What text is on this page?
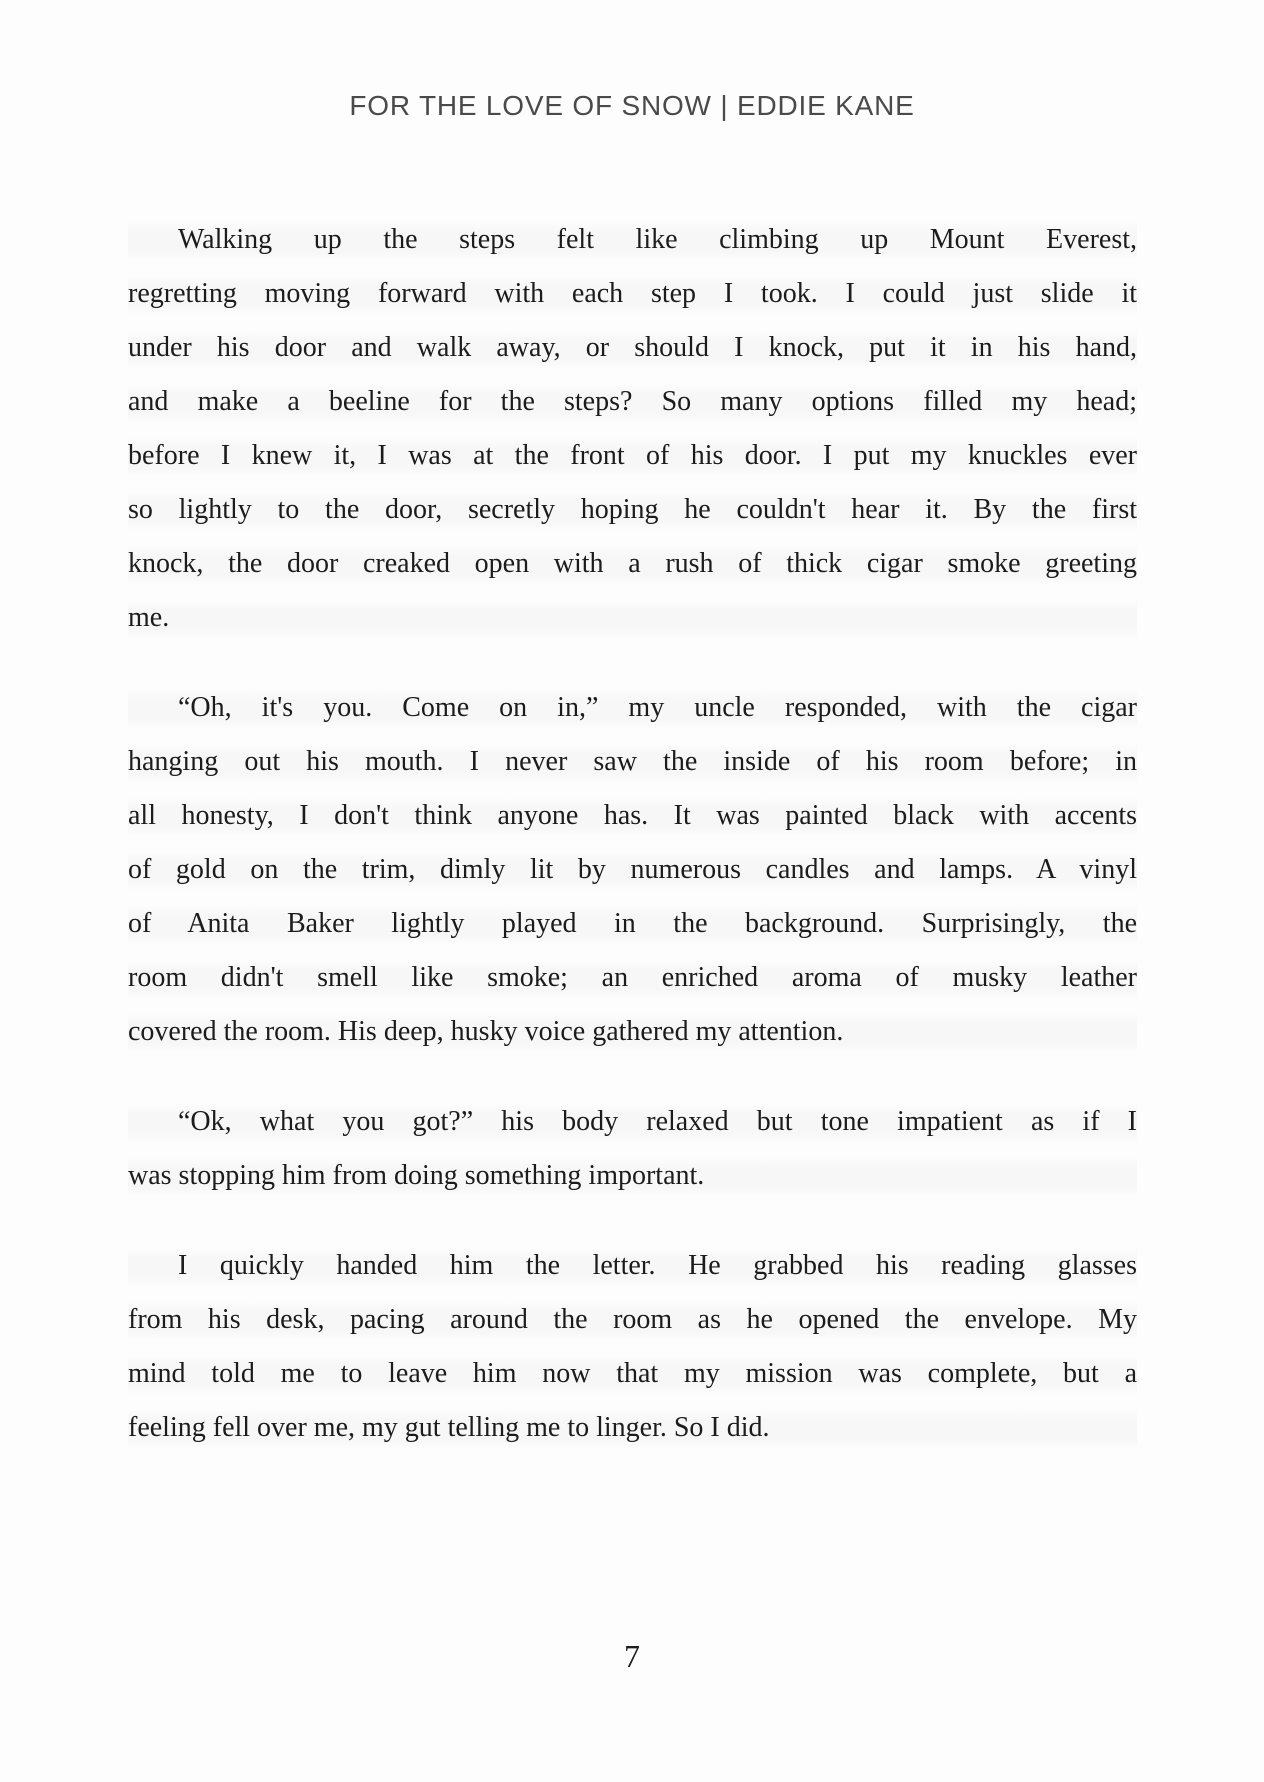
FOR THE LOVE OF SNOW | EDDIE KANE
Walking up the steps felt like climbing up Mount Everest,
regretting moving forward with each step I took. I could just slide it
under his door and walk away, or should I knock, put it in his hand,
and make a beeline for the steps? So many options filled my head;
before I knew it, I was at the front of his door. I put my knuckles ever
so lightly to the door, secretly hoping he couldn't hear it. By the first
knock, the door creaked open with a rush of thick cigar smoke greeting
me.
“Oh, it's you. Come on in,” my uncle responded, with the cigar
hanging out his mouth. I never saw the inside of his room before; in
all honesty, I don't think anyone has. It was painted black with accents
of gold on the trim, dimly lit by numerous candles and lamps. A vinyl
of Anita Baker lightly played in the background. Surprisingly, the
room didn't smell like smoke; an enriched aroma of musky leather
covered the room. His deep, husky voice gathered my attention.
“Ok, what you got?” his body relaxed but tone impatient as if I
was stopping him from doing something important.
I quickly handed him the letter. He grabbed his reading glasses
from his desk, pacing around the room as he opened the envelope. My
mind told me to leave him now that my mission was complete, but a
feeling fell over me, my gut telling me to linger. So I did.
7
